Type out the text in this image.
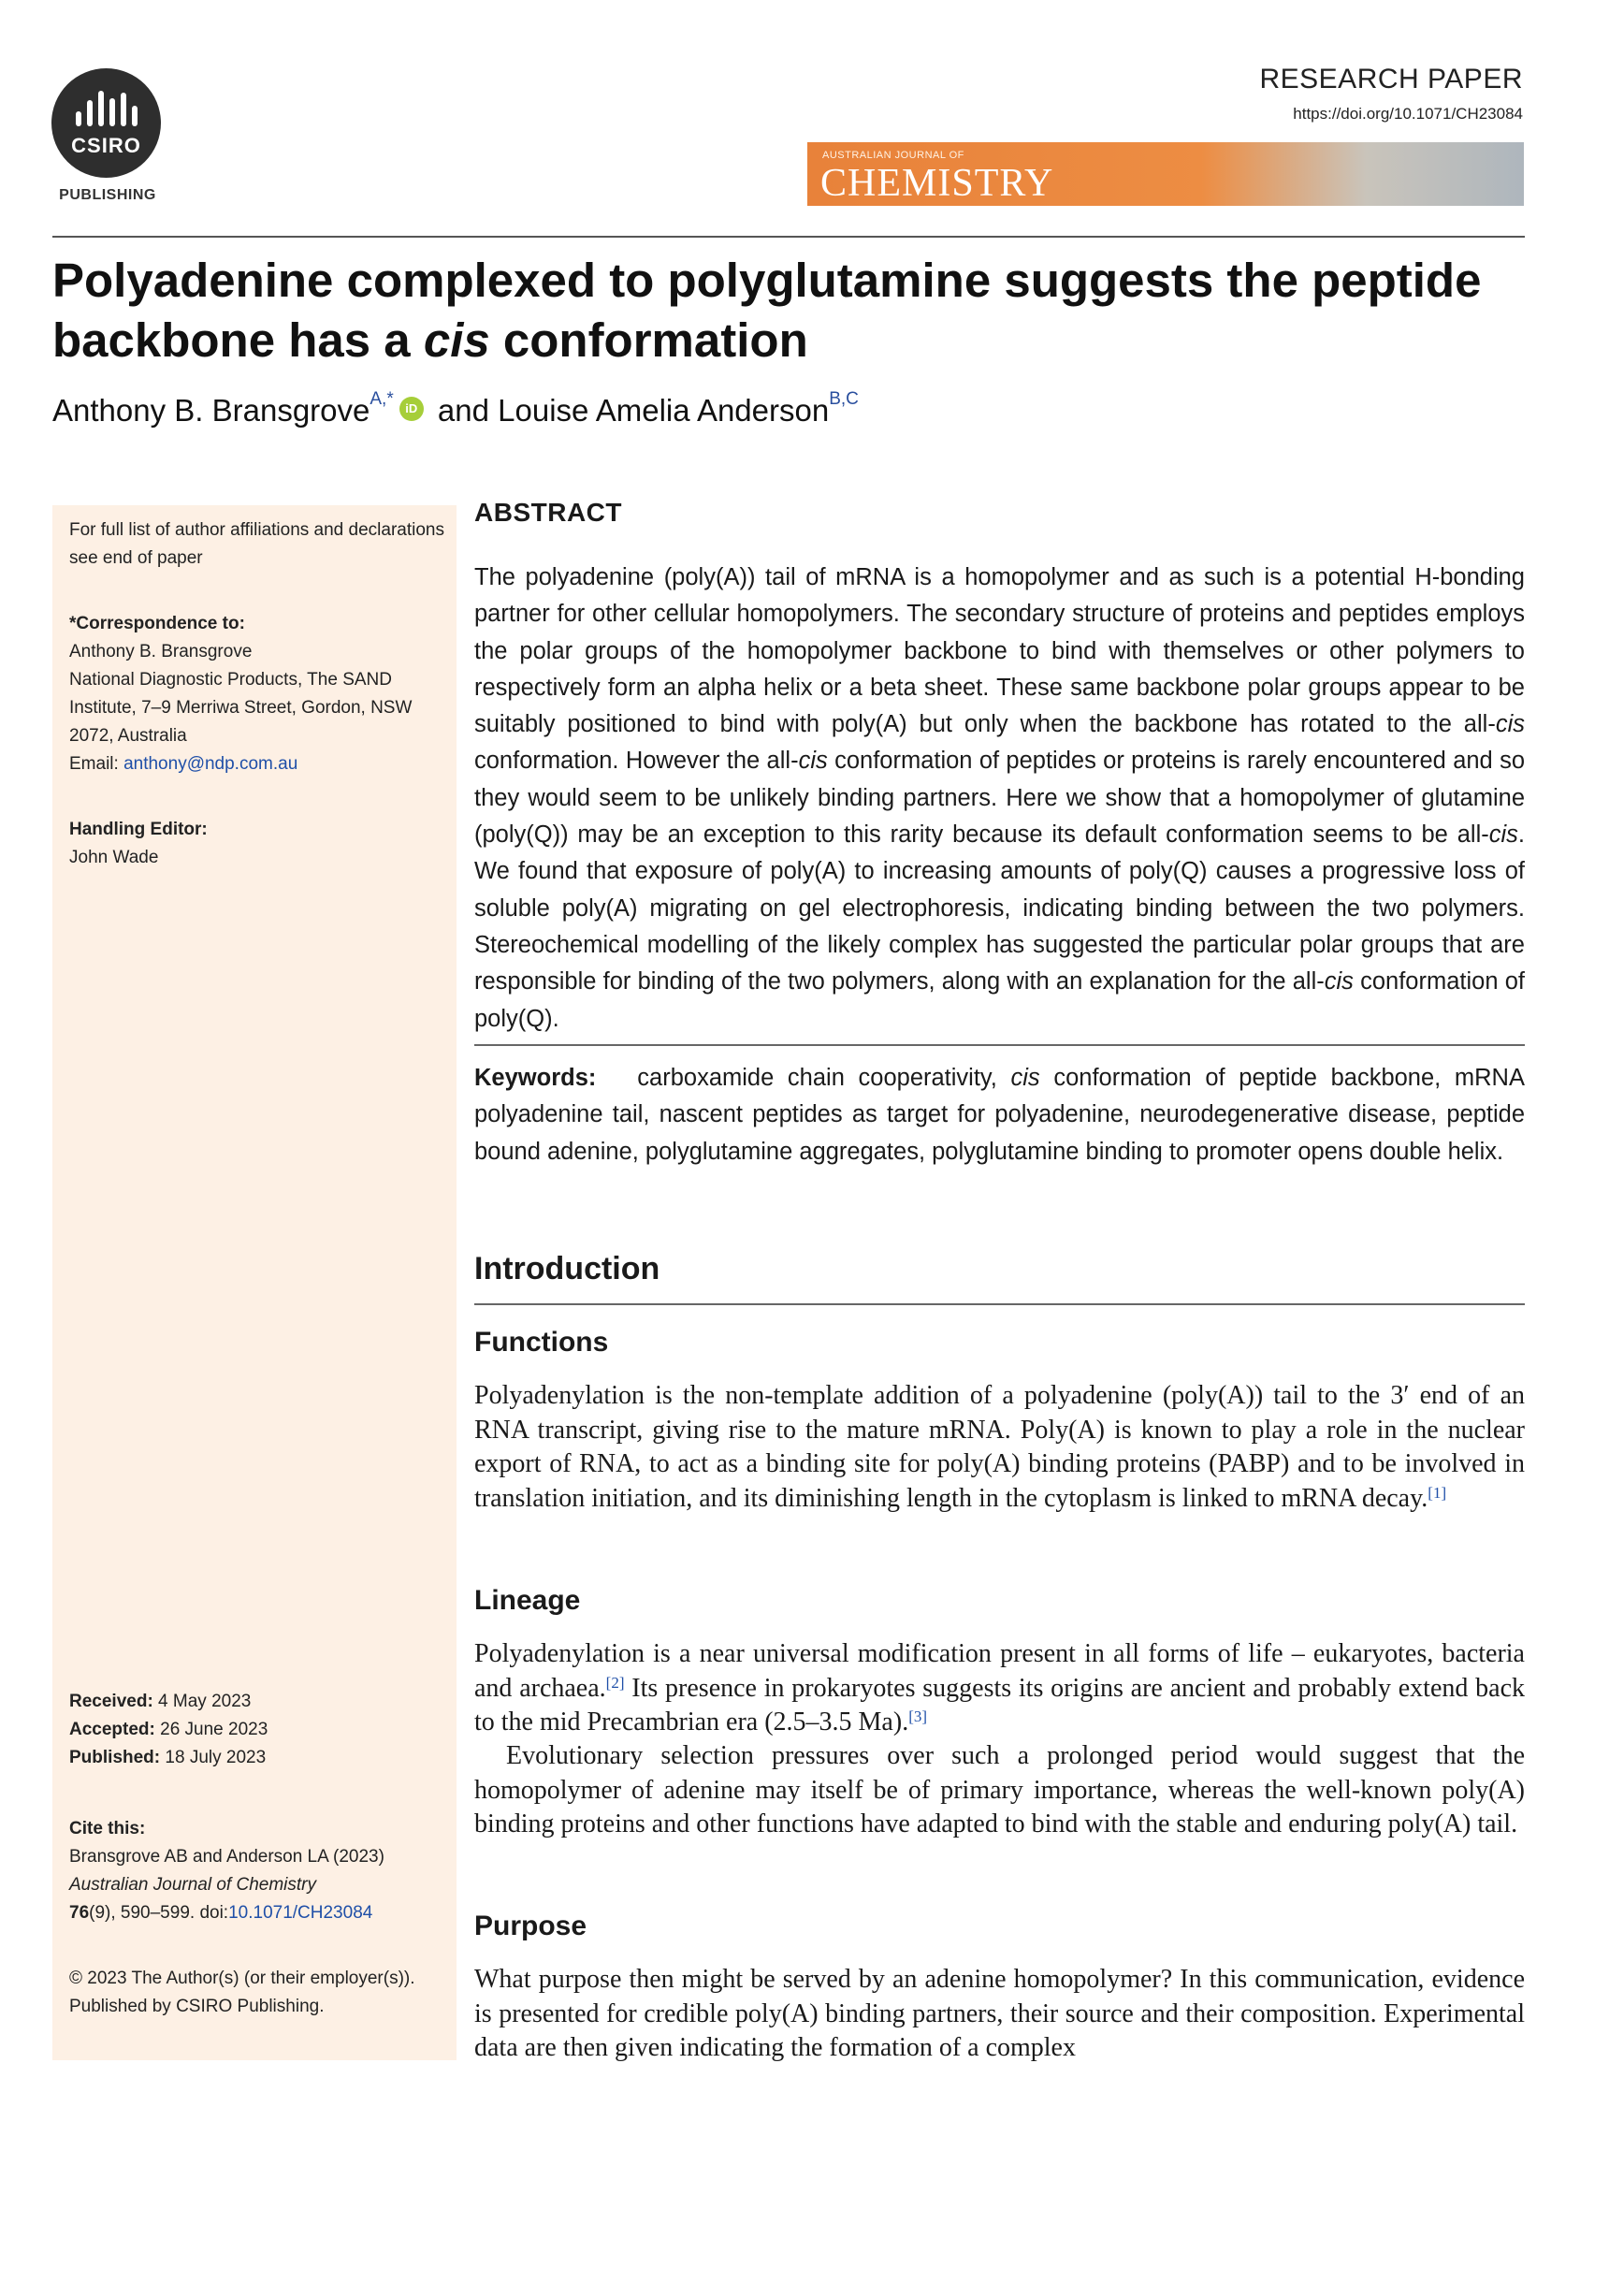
CSIRO
PUBLISHING
RESEARCH PAPER
https://doi.org/10.1071/CH23084
AUSTRALIAN JOURNAL OF
CHEMISTRY
Polyadenine complexed to polyglutamine suggests the peptide backbone has a cis conformation
Anthony B. Bransgrove$^{A,*}$ iD and Louise Amelia Anderson$^{B,C}$
For full list of author affiliations and declarations see end of paper
*Correspondence to:
Anthony B. Bransgrove
National Diagnostic Products, The SAND Institute, 7–9 Merriwa Street, Gordon, NSW 2072, Australia
Email: anthony@ndp.com.au
Handling Editor:
John Wade
Received: 4 May 2023
Accepted: 26 June 2023
Published: 18 July 2023
Cite this:
Bransgrove AB and Anderson LA (2023)
Australian Journal of Chemistry
76(9), 590–599. doi:10.1071/CH23084
© 2023 The Author(s) (or their employer(s)). Published by CSIRO Publishing.
ABSTRACT
The polyadenine (poly(A)) tail of mRNA is a homopolymer and as such is a potential H-bonding partner for other cellular homopolymers. The secondary structure of proteins and peptides employs the polar groups of the homopolymer backbone to bind with themselves or other polymers to respectively form an alpha helix or a beta sheet. These same backbone polar groups appear to be suitably positioned to bind with poly(A) but only when the backbone has rotated to the all-cis conformation. However the all-cis conformation of peptides or proteins is rarely encountered and so they would seem to be unlikely binding partners. Here we show that a homopolymer of glutamine (poly(Q)) may be an exception to this rarity because its default conformation seems to be all-cis. We found that exposure of poly(A) to increasing amounts of poly(Q) causes a progressive loss of soluble poly(A) migrating on gel electrophoresis, indicating binding between the two polymers. Stereochemical modelling of the likely complex has suggested the particular polar groups that are responsible for binding of the two polymers, along with an explanation for the all-cis conformation of poly(Q).
Keywords: carboxamide chain cooperativity, cis conformation of peptide backbone, mRNA polyadenine tail, nascent peptides as target for polyadenine, neurodegenerative disease, peptide bound adenine, polyglutamine aggregates, polyglutamine binding to promoter opens double helix.
Introduction
Functions
Polyadenylation is the non-template addition of a polyadenine (poly(A)) tail to the 3′ end of an RNA transcript, giving rise to the mature mRNA. Poly(A) is known to play a role in the nuclear export of RNA, to act as a binding site for poly(A) binding proteins (PABP) and to be involved in translation initiation, and its diminishing length in the cytoplasm is linked to mRNA decay.[1]
Lineage
Polyadenylation is a near universal modification present in all forms of life – eukaryotes, bacteria and archaea.[2] Its presence in prokaryotes suggests its origins are ancient and probably extend back to the mid Precambrian era (2.5–3.5 Ma).[3]
Evolutionary selection pressures over such a prolonged period would suggest that the homopolymer of adenine may itself be of primary importance, whereas the well-known poly(A) binding proteins and other functions have adapted to bind with the stable and enduring poly(A) tail.
Purpose
What purpose then might be served by an adenine homopolymer? In this communication, evidence is presented for credible poly(A) binding partners, their source and their composition. Experimental data are then given indicating the formation of a complex
